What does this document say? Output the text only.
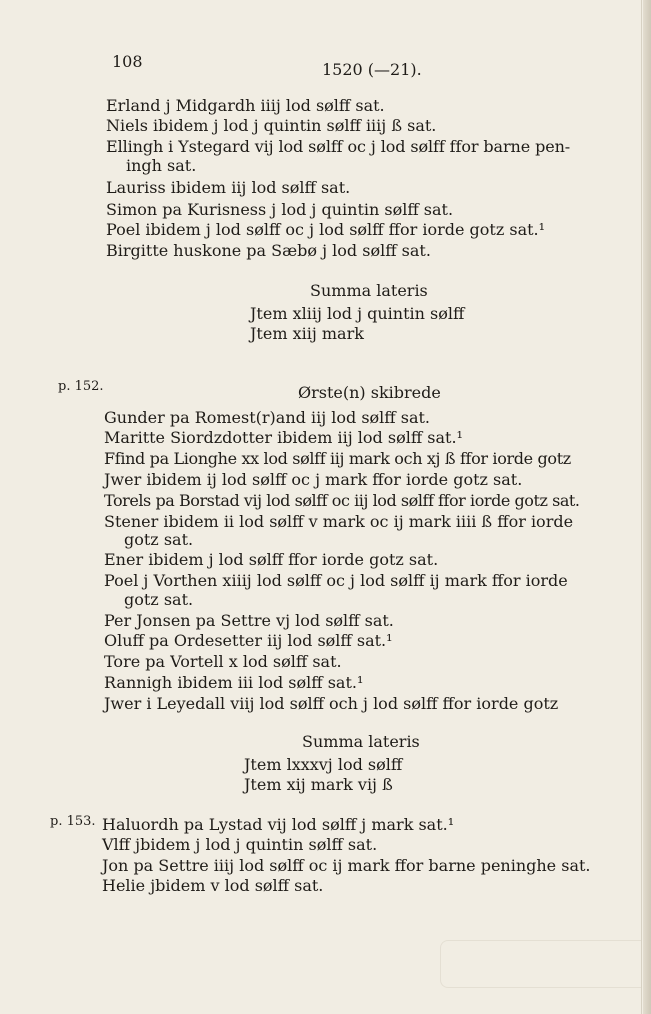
108	1520 (—21).
Erland j Midgardh iiij lod sølff sat.
Niels ibidem j lod j quintin sølff iiij ß sat.
Ellingh i Ystegard vij lod sølff oc j lod sølff ffor barne pen-
ingh sat.
Lauriss ibidem iij lod sølff sat.
Simon pa Kurisness j lod j quintin sølff sat.
Poel ibidem j lod sølff oc j lod sølff ffor iorde gotz sat.¹
Birgitte huskone pa Sæbø j lod sølff sat.
Summa lateris
Jtem xliij lod j quintin sølff
Jtem xiij mark
p. 152.	Ørste(n) skibrede
Gunder pa Romest(r)and iij lod sølff sat.
Maritte Siordzdotter ibidem iij lod sølff sat.¹
Ffind pa Lionghe xx lod sølff iij mark och xj ß ffor iorde gotz
Jwer ibidem ij lod sølff oc j mark ffor iorde gotz sat.
Torels pa Borstad vij lod sølff oc iij lod sølff ffor iorde gotz sat.
Stener ibidem ii lod sølff v mark oc ij mark iiii ß ffor iorde
gotz sat.
Ener ibidem j lod sølff ffor iorde gotz sat.
Poel j Vorthen xiiij lod sølff oc j lod sølff ij mark ffor iorde
gotz sat.
Per Jonsen pa Settre vj lod sølff sat.
Oluff pa Ordesetter iij lod sølff sat.¹
Tore pa Vortell x lod sølff sat.
Rannigh ibidem iii lod sølff sat.¹
Jwer i Leyedall viij lod sølff och j lod sølff ffor iorde gotz
Summa lateris
Jtem lxxxvj lod sølff
Jtem xij mark vij ß
p. 153. Haluordh pa Lystad vij lod sølff j mark sat.¹
Vlff jbidem j lod j quintin sølff sat.
Jon pa Settre iiij lod sølff oc ij mark ffor barne peninghe sat.
Helie jbidem v lod sølff sat.
